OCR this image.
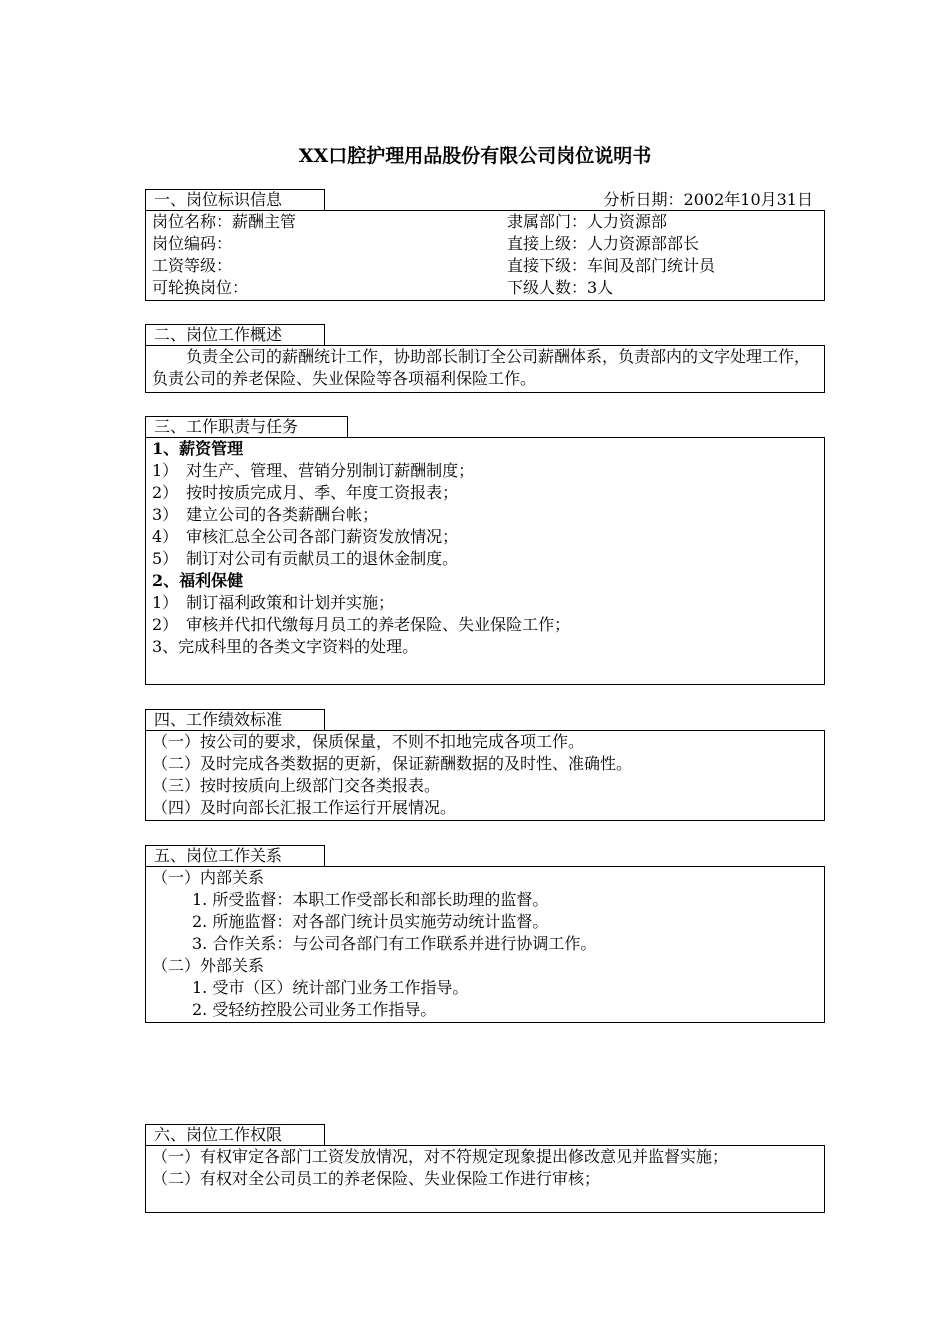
XX口腔护理用品股份有限公司岗位说明书
一、岗位标识信息	分析日期：2002年10月31日
岗位名称：薪酬主管	隶属部门：人力资源部
岗位编码：	直接上级：人力资源部部长
工资等级：	直接下级：车间及部门统计员
可轮换岗位：	下级人数：3人
二、岗位工作概述
负责全公司的薪酬统计工作，协助部长制订全公司薪酬体系，负责部内的文字处理工作，负责公司的养老保险、失业保险等各项福利保险工作。
三、工作职责与任务
1、薪资管理
1）　对生产、管理、营销分别制订薪酬制度；
2）　按时按质完成月、季、年度工资报表；
3）　建立公司的各类薪酬台帐；
4）　审核汇总全公司各部门薪资发放情况；
5）　制订对公司有贡献员工的退休金制度。
2、福利保健
1）　制订福利政策和计划并实施；
2）　审核并代扣代缴每月员工的养老保险、失业保险工作；
3、完成科里的各类文字资料的处理。
四、工作绩效标准
（一）按公司的要求，保质保量，不则不扣地完成各项工作。
（二）及时完成各类数据的更新，保证薪酬数据的及时性、准确性。
（三）按时按质向上级部门交各类报表。
（四）及时向部长汇报工作运行开展情况。
五、岗位工作关系
（一）内部关系
1. 所受监督：本职工作受部长和部长助理的监督。
2. 所施监督：对各部门统计员实施劳动统计监督。
3. 合作关系：与公司各部门有工作联系并进行协调工作。
（二）外部关系
1. 受市（区）统计部门业务工作指导。
2. 受轻纺控股公司业务工作指导。
六、岗位工作权限
（一）有权审定各部门工资发放情况，对不符规定现象提出修改意见并监督实施；
（二）有权对全公司员工的养老保险、失业保险工作进行审核；
